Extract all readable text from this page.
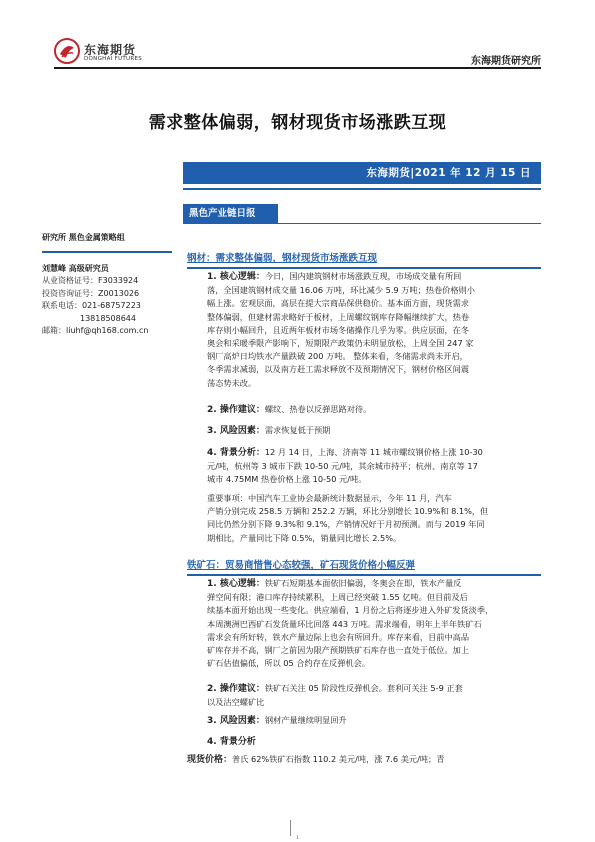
东海期货
DONGHAI FUTURES	东海期货研究所
需求整体偏弱，钢材现货市场涨跌互现
东海期货|2021 年 12 月 15 日
黑色产业链日报
研究所 黑色金属策略组
刘慧峰 高级研究员
从业资格证号：F3033924
投资咨询证号：Z0013026
联系电话：021-68757223
13818508644
邮箱：liuhf@qh168.com.cn
钢材：需求整体偏弱，钢材现货市场涨跌互现
1. 核心逻辑：今日，国内建筑钢材市场涨跌互现，市场成交量有所回
落，全国建筑钢材成交量 16.06 万吨，环比减少 5.9 万吨；热卷价格则小
幅上涨。宏观层面，高层在提大宗商品保供稳价。基本面方面，现货需求
整体偏弱，但建材需求略好于板材，上周螺纹钢库存降幅继续扩大，热卷
库存则小幅回升，且近两年板材市场冬储操作几乎为零。供应层面，在冬
奥会和采暖季限产影响下，短期限产政策仍未明显放松，上周全国 247 家
钢厂高炉日均铁水产量跌破 200 万吨。 整体来看，冬储需求尚未开启，
冬季需求减弱，以及南方赶工需求释放不及预期情况下，钢材价格区间震
荡态势未改。
2. 操作建议：螺纹、热卷以反弹思路对待。
3. 风险因素：需求恢复低于预期
4. 背景分析：12 月 14 日，上海、济南等 11 城市螺纹钢价格上涨 10-30
元/吨，杭州等 3 城市下跌 10-50 元/吨，其余城市持平；杭州、南京等 17
城市 4.75MM 热卷价格上涨 10-50 元/吨。
重要事项：中国汽车工业协会最新统计数据显示，今年 11 月，汽车
产销分别完成 258.5 万辆和 252.2 万辆，环比分别增长 10.9%和 8.1%，但
同比仍然分别下降 9.3%和 9.1%，产销情况好于月初预测。而与 2019 年同
期相比，产量同比下降 0.5%，销量同比增长 2.5%。
铁矿石：贸易商惜售心态较强，矿石现货价格小幅反弹
1. 核心逻辑：铁矿石短期基本面依旧偏弱，冬奥会在即，铁水产量反
弹空间有限；港口库存持续累积，上周已经突破 1.55 亿吨。但目前及后
续基本面开始出现一些变化。供应端看，1 月份之后将逐步进入外矿发货淡季，
本周澳洲巴西矿石发货量环比回落 443 万吨。需求端看，明年上半年铁矿石
需求会有所好转，铁水产量边际上也会有所回升。库存来看，目前中高品
矿库存并不高，钢厂之前因为限产预期铁矿石库存也一直处于低位。加上
矿石估值偏低，所以 05 合约存在反弹机会。
2. 操作建议：铁矿石关注 05 阶段性反弹机会。套利可关注 5-9 正套
以及沽空螺矿比
3. 风险因素：钢材产量继续明显回升
4. 背景分析
现货价格：普氏 62%铁矿石指数 110.2 美元/吨，涨 7.6 美元/吨；青
1
